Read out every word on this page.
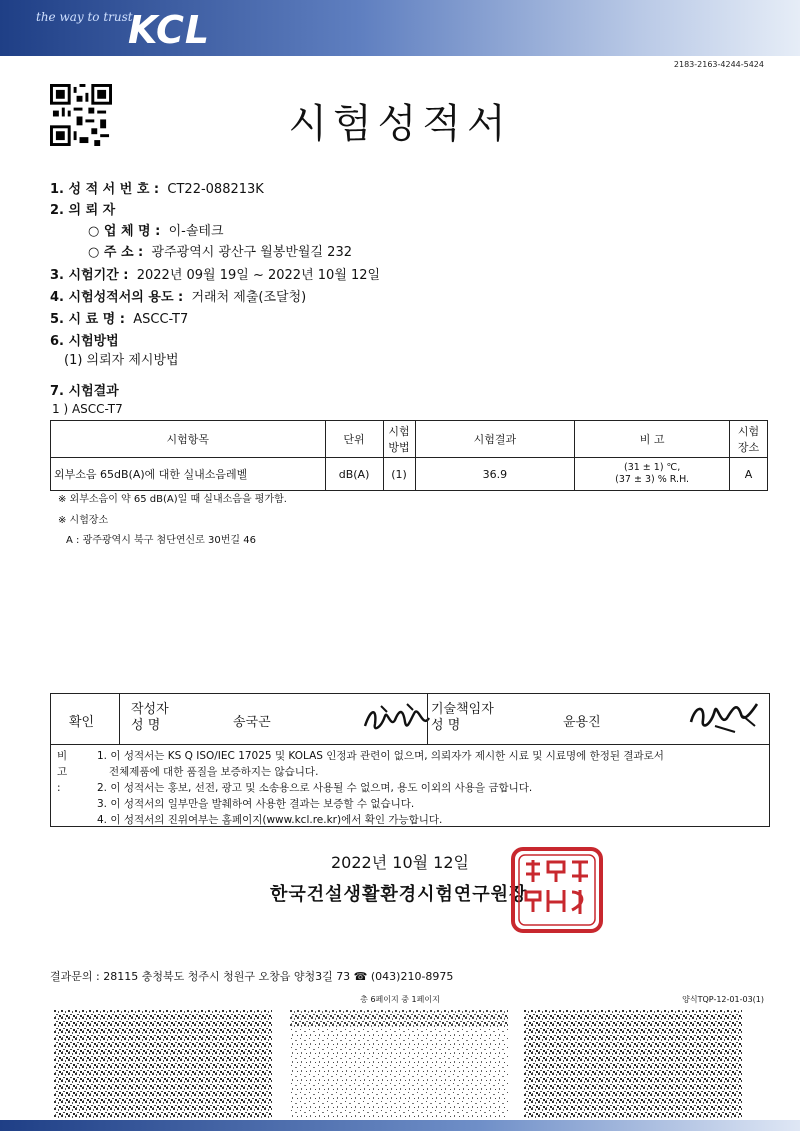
the way to trust
KCL
2183-2163-4244-5424
시험성적서
1. 성 적 서 번 호 : CT22-088213K
2. 의 뢰 자
○ 업 체 명 : 이-솔테크
○ 주 소 : 광주광역시 광산구 월봉반월길 232
3. 시험기간 : 2022년 09월 19일 ~ 2022년 10월 12일
4. 시험성적서의 용도 : 거래처 제출(조달청)
5. 시 료 명 : ASCC-T7
6. 시험방법
(1) 의뢰자 제시방법
7. 시험결과
1 ) ASCC-T7
시험항목	단위	시험방법	시험결과	비 고	시험장소
외부소음 65dB(A)에 대한 실내소음레벨	dB(A)	(1)	36.9	(31 ± 1) ℃,
(37 ± 3) % R.H.	A
※ 외부소음이 약 65 dB(A)일 때 실내소음을 평가함.
※ 시험장소
A : 광주광역시 북구 첨단연신로 30번길 46
확인
작성자
성 명	송국곤
기술책임자
성 명	윤용진
비고 :
1. 이 성적서는 KS Q ISO/IEC 17025 및 KOLAS 인정과 관련이 없으며, 의뢰자가 제시한 시료 및 시료명에 한정된 결과로서
전체제품에 대한 품질을 보증하지는 않습니다.
2. 이 성적서는 홍보, 선전, 광고 및 소송용으로 사용될 수 없으며, 용도 이외의 사용을 금합니다.
3. 이 성적서의 일부만을 발췌하여 사용한 결과는 보증할 수 없습니다.
4. 이 성적서의 진위여부는 홈페이지(www.kcl.re.kr)에서 확인 가능합니다.
2022년 10월 12일
한국건설생활환경시험연구원장
결과문의 : 28115 충청북도 청주시 청원구 오창읍 양청3길 73 ☎ (043)210-8975
총 6페이지 중 1페이지	양식TQP-12-01-03(1)
